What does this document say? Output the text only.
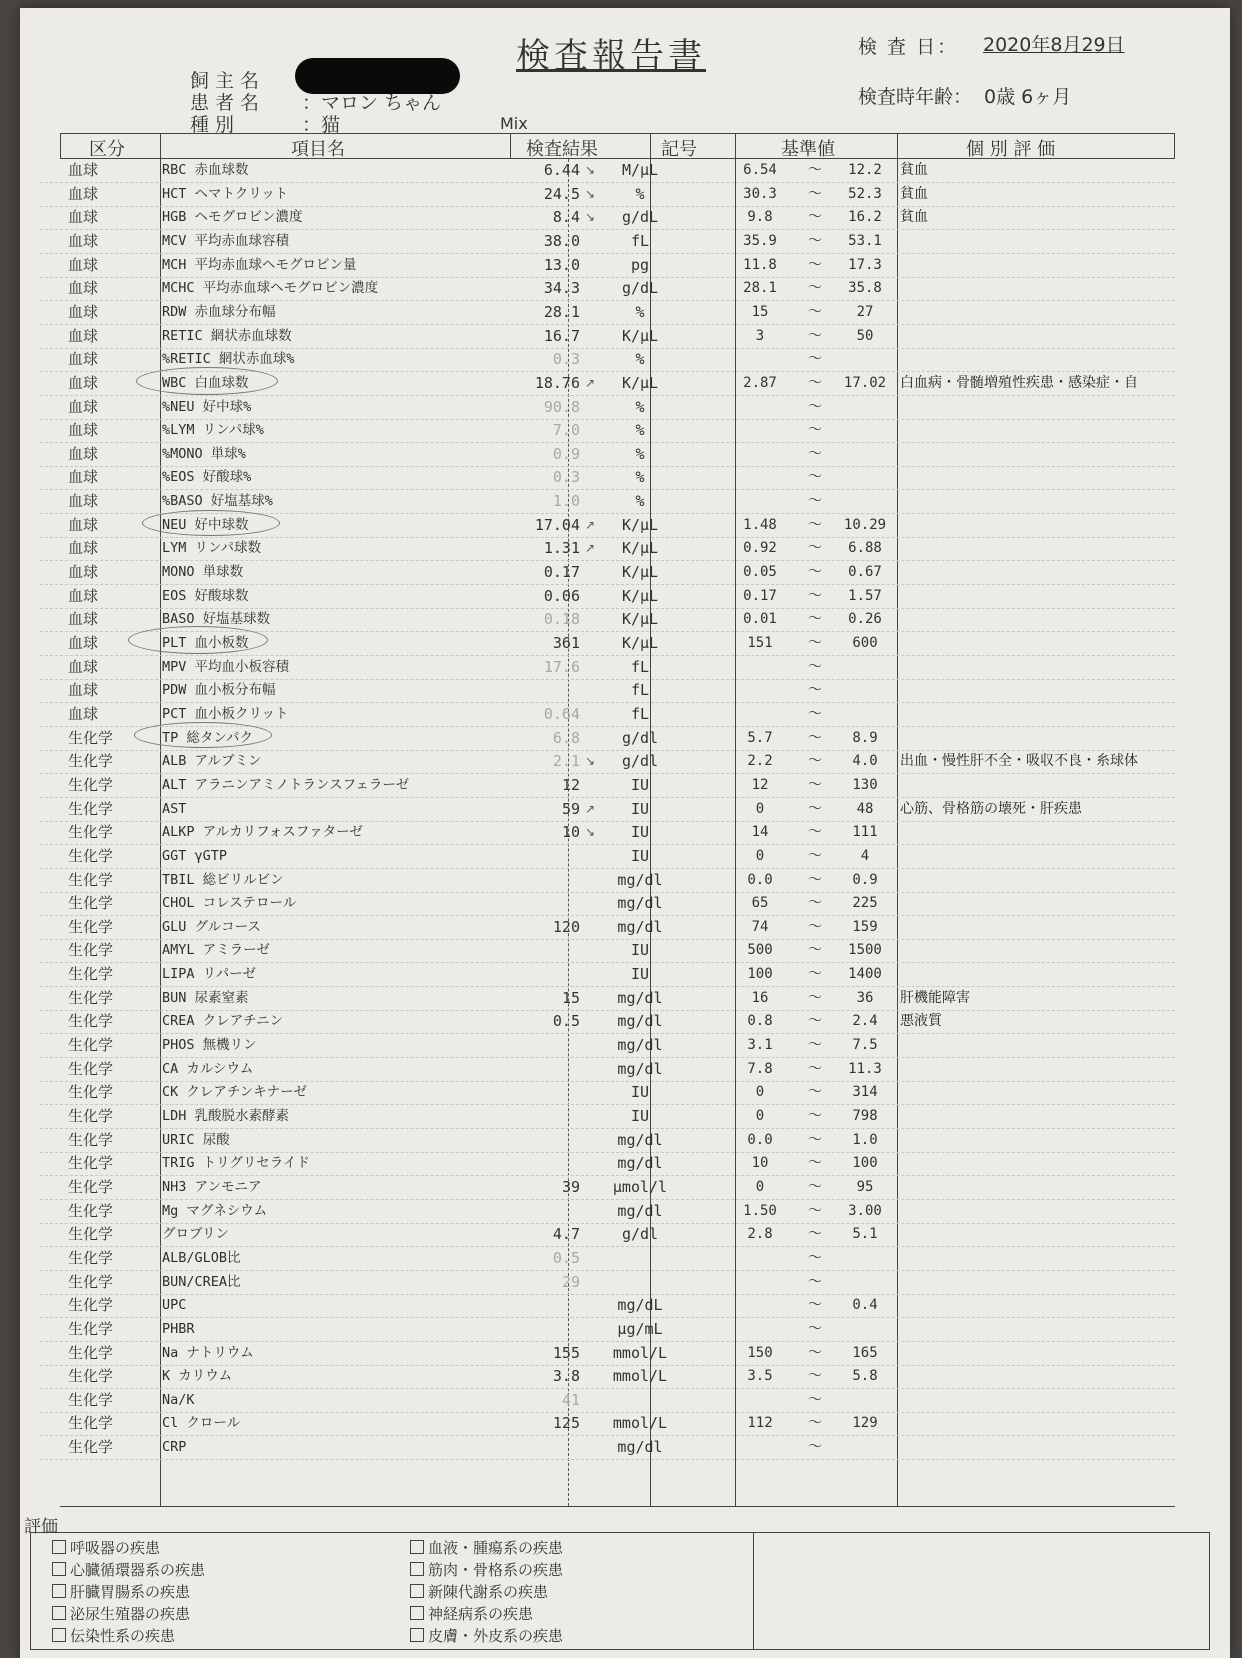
検査報告書	検 査 日： 2020年8月29日
検査時年齢： 0歳 6ヶ月
飼主名
患者名 ：マロン ちゃん
種別	：猫	Mix
区分	項目名	検査結果	記号	基準値	個 別 評 価
血球	RBC 赤血球数	6.44 ↘	M/μL	6.54	～	12.2	貧血
血球	HCT ヘマトクリット	24.5 ↘	%	30.3	～	52.3	貧血
血球	HGB ヘモグロビン濃度	8.4 ↘	g/dL	9.8	～	16.2	貧血
血球	MCV 平均赤血球容積	38.0	fL	35.9	～	53.1
血球	MCH 平均赤血球ヘモグロビン量	13.0	pg	11.8	～	17.3
血球	MCHC 平均赤血球ヘモグロビン濃度	34.3	g/dL	28.1	～	35.8
血球	RDW 赤血球分布幅	28.1	%	15	～	27
血球	RETIC 網状赤血球数	16.7	K/μL	3	～	50
血球	%RETIC 網状赤血球%	0.3	%	～
血球	WBC 白血球数	18.76 ↗	K/μL	2.87	～	17.02 白血病・骨髄増殖性疾患・感染症・自
血球	%NEU 好中球%	90.8	%	～
血球	%LYM リンパ球%	7.0	%	～
血球	%MONO 単球%	0.9	%	～
血球	%EOS 好酸球%	0.3	%	～
血球	%BASO 好塩基球%	1.0	%	～
血球	NEU 好中球数	17.04 ↗	K/μL	1.48	～	10.29
血球	LYM リンパ球数	1.31 ↗	K/μL	0.92	～	6.88
血球	MONO 単球数	0.17	K/μL	0.05	～	0.67
血球	EOS 好酸球数	0.06	K/μL	0.17	～	1.57
血球	BASO 好塩基球数	0.18	K/μL	0.01	～	0.26
血球	PLT 血小板数	361	K/μL	151	～	600
血球	MPV 平均血小板容積	17.6	fL	～
血球	PDW 血小板分布幅	fL	～
血球	PCT 血小板クリット	0.64	fL	～
生化学	TP 総タンパク	6.8	g/dl	5.7	～	8.9
生化学	ALB アルブミン	2.1 ↘	g/dl	2.2	～	4.0	出血・慢性肝不全・吸収不良・糸球体
生化学	ALT アラニンアミノトランスフェラーゼ	12	IU	12	～	130
生化学	AST	59 ↗	IU	0	～	48	心筋、骨格筋の壊死・肝疾患
生化学	ALKP アルカリフォスファターゼ	10 ↘	IU	14	～	111
生化学	GGT γGTP	IU	0	～	4
生化学	TBIL 総ビリルビン	mg/dl	0.0	～	0.9
生化学	CHOL コレステロール	mg/dl	65	～	225
生化学	GLU グルコース	120	mg/dl	74	～	159
生化学	AMYL アミラーゼ	IU	500	～	1500
生化学	LIPA リパーゼ	IU	100	～	1400
生化学	BUN 尿素窒素	15	mg/dl	16	～	36	肝機能障害
生化学	CREA クレアチニン	0.5	mg/dl	0.8	～	2.4	悪液質
生化学	PHOS 無機リン	mg/dl	3.1	～	7.5
生化学	CA カルシウム	mg/dl	7.8	～	11.3
生化学	CK クレアチンキナーゼ	IU	0	～	314
生化学	LDH 乳酸脱水素酵素	IU	0	～	798
生化学	URIC 尿酸	mg/dl	0.0	～	1.0
生化学	TRIG トリグリセライド	mg/dl	10	～	100
生化学	NH3 アンモニア	39	μmol/l	0	～	95
生化学	Mg マグネシウム	mg/dl	1.50	～	3.00
生化学	グロブリン	4.7	g/dl	2.8	～	5.1
生化学	ALB/GLOB比	0.5	～
生化学	BUN/CREA比	29	～
生化学	UPC	mg/dL	～	0.4
生化学	PHBR	μg/mL	～
生化学	Na ナトリウム	155	mmol/L	150	～	165
生化学	K カリウム	3.8	mmol/L	3.5	～	5.8
生化学	Na/K	41	～
生化学	Cl クロール	125	mmol/L	112	～	129
生化学	CRP	mg/dl	～
評価
呼吸器の疾患
心臓循環器系の疾患
肝臓胃腸系の疾患
泌尿生殖器の疾患
伝染性系の疾患
血液・腫瘍系の疾患
筋肉・骨格系の疾患
新陳代謝系の疾患
神経病系の疾患
皮膚・外皮系の疾患
